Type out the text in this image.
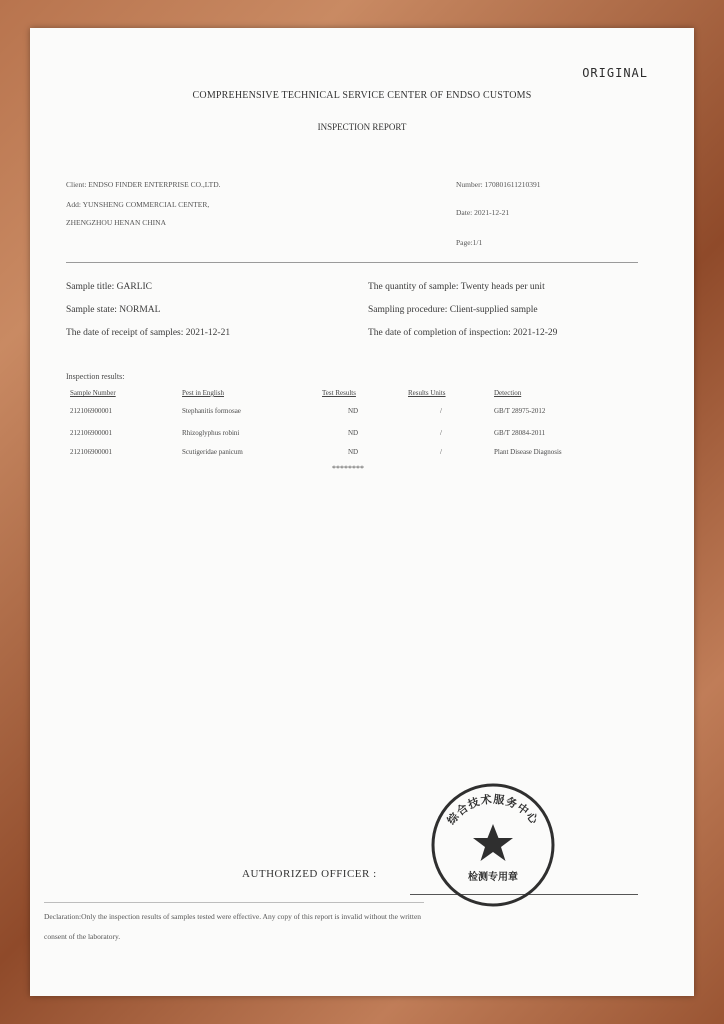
ORIGINAL
COMPREHENSIVE TECHNICAL SERVICE CENTER OF ENDSO CUSTOMS
INSPECTION REPORT
Client: ENDSO FINDER ENTERPRISE CO.,LTD.
Add: YUNSHENG COMMERCIAL CENTER,
ZHENGZHOU HENAN CHINA
Number: 170801611210391
Date: 2021-12-21
Page:1/1
Sample title: GARLIC
Sample state: NORMAL
The date of receipt of samples: 2021-12-21
The quantity of sample: Twenty heads per unit
Sampling procedure: Client-supplied sample
The date of completion of inspection: 2021-12-29
Inspection results:
Sample Number	Pest in English	Test Results	Results Units	Detection
212106900001	Stephanitis formosae	ND	/	GB/T 28975-2012
212106900001	Rhizoglyphus robini	ND	/	GB/T 28084-2011
212106900001	Scutigeridae panicum	ND	/	Plant Disease Diagnosis
********
AUTHORIZED OFFICER :
综合技术服务中心
检测专用章
Declaration:Only the inspection results of samples tested were effective. Any copy of this report is invalid without the written
consent of the laboratory.
